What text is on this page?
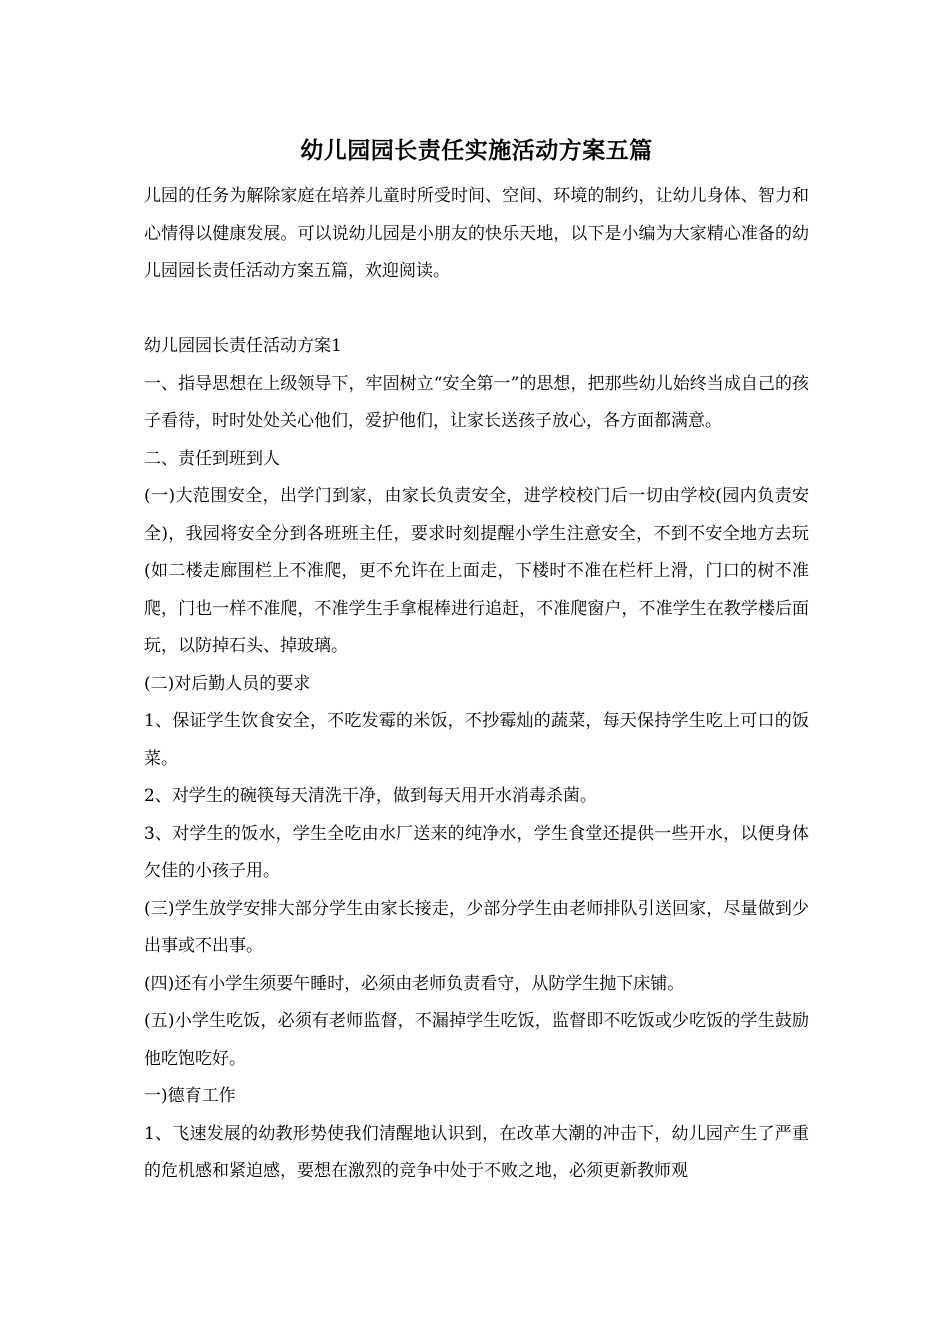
幼儿园园长责任实施活动方案五篇

儿园的任务为解除家庭在培养儿童时所受时间、空间、环境的制约，让幼儿身体、智力和心情得以健康发展。可以说幼儿园是小朋友的快乐天地，以下是小编为大家精心准备的幼儿园园长责任活动方案五篇，欢迎阅读。

幼儿园园长责任活动方案1

一、指导思想在上级领导下，牢固树立“安全第一”的思想，把那些幼儿始终当成自己的孩子看待，时时处处关心他们，爱护他们，让家长送孩子放心，各方面都满意。

二、责任到班到人

(一)大范围安全，出学门到家，由家长负责安全，进学校校门后一切由学校(园内负责安全)，我园将安全分到各班班主任，要求时刻提醒小学生注意安全，不到不安全地方去玩(如二楼走廊围栏上不准爬，更不允许在上面走，下楼时不准在栏杆上滑，门口的树不准爬，门也一样不准爬，不准学生手拿棍棒进行追赶，不准爬窗户，不准学生在教学楼后面玩，以防掉石头、掉玻璃。

(二)对后勤人员的要求

1、保证学生饮食安全，不吃发霉的米饭，不抄霉灿的蔬菜，每天保持学生吃上可口的饭菜。

2、对学生的碗筷每天清洗干净，做到每天用开水消毒杀菌。

3、对学生的饭水，学生全吃由水厂送来的纯净水，学生食堂还提供一些开水，以便身体欠佳的小孩子用。

(三)学生放学安排大部分学生由家长接走，少部分学生由老师排队引送回家，尽量做到少出事或不出事。

(四)还有小学生须要午睡时，必须由老师负责看守，从防学生抛下床铺。

(五)小学生吃饭，必须有老师监督，不漏掉学生吃饭，监督即不吃饭或少吃饭的学生鼓励他吃饱吃好。

一)德育工作

1、飞速发展的幼教形势使我们清醒地认识到，在改革大潮的冲击下，幼儿园产生了严重的危机感和紧迫感，要想在激烈的竞争中处于不败之地，必须更新教师观
